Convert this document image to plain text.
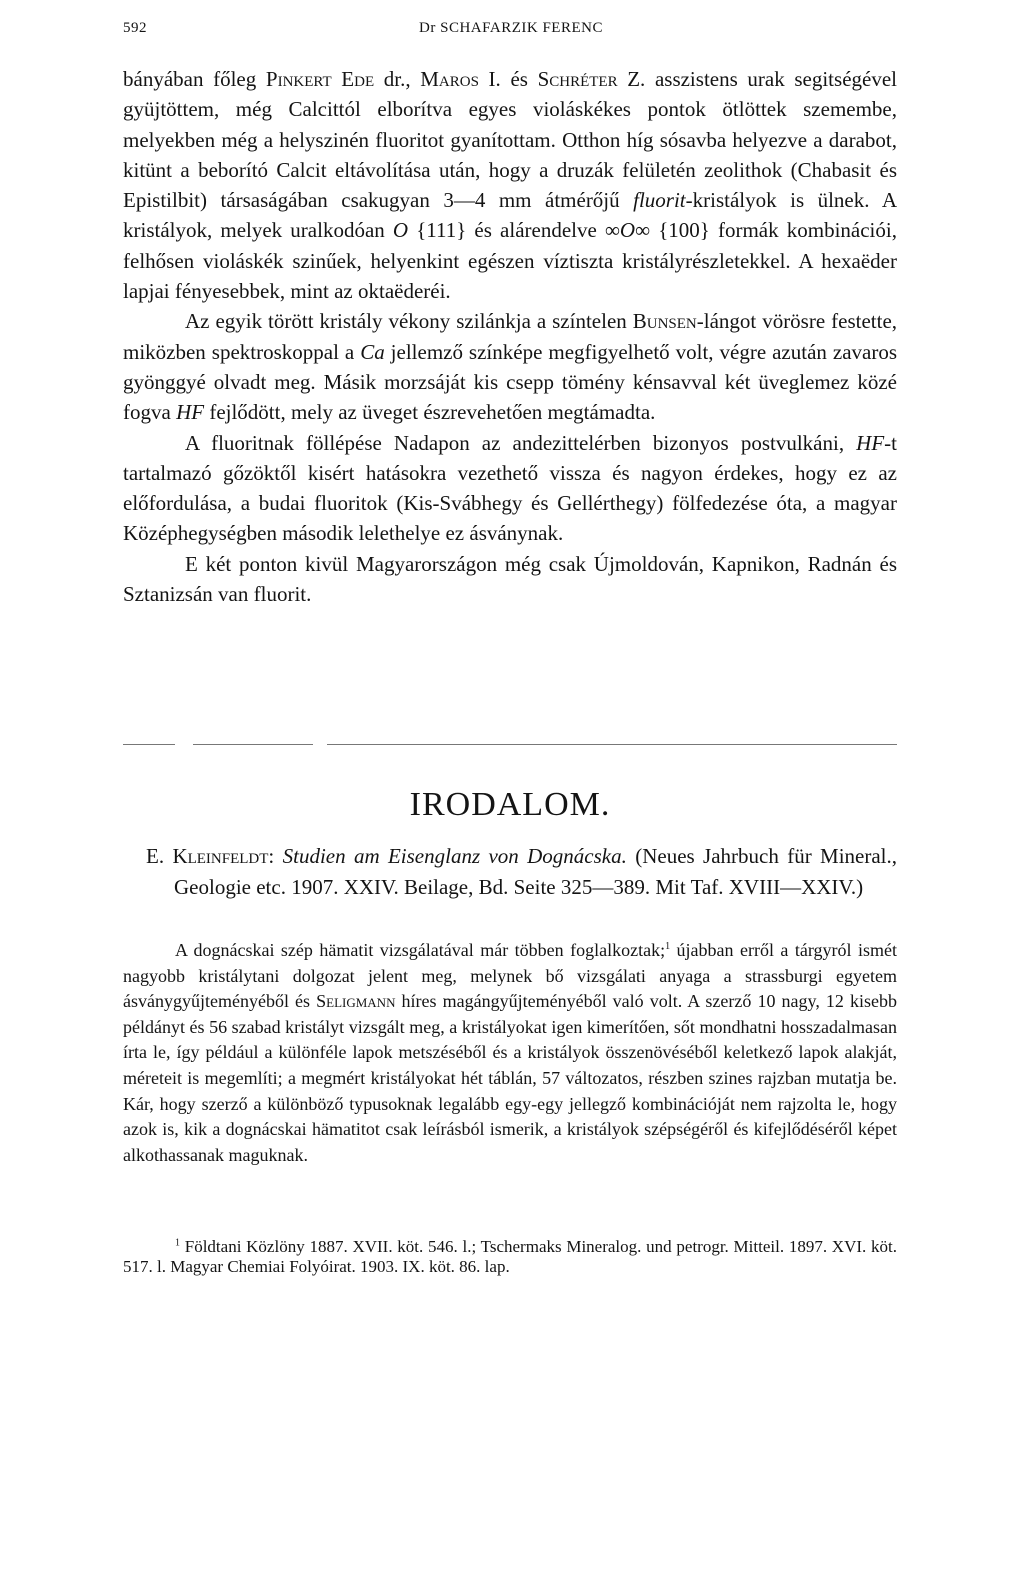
592	Dr SCHAFARZIK FERENC

bányában főleg Pinkert Ede dr., Maros I. és Schréter Z. asszistens urak segitségével gyüjtöttem, még Calcittól elborítva egyes violáskékes pontok ötlöttek szemembe, melyekben még a helyszinén fluoritot gyanítottam. Otthon híg sósavba helyezve a darabot, kitünt a beborító Calcit eltávolítása után, hogy a druzák felületén zeolithok (Chabasit és Epistilbit) társaságában csakugyan 3—4 mm átmérőjű fluorit-kristályok is ülnek. A kristályok, melyek uralkodóan O {111} és alárendelve ∞O∞ {100} formák kombinációi, felhősen violáskék szinűek, helyenkint egészen víztiszta kristályrészletekkel. A hexaëder lapjai fényesebbek, mint az oktaëderéi.

Az egyik törött kristály vékony szilánkja a színtelen Bunsen-lángot vörösre festette, miközben spektroskoppal a Ca jellemző színképe megfigyelhető volt, végre azután zavaros gyönggyé olvadt meg. Másik morzsáját kis csepp tömény kénsavval két üveglemez közé fogva HF fejlődött, mely az üveget észrevehetően megtámadta.

A fluoritnak föllépése Nadapon az andezittelérben bizonyos postvulkáni, HF-t tartalmazó gőzöktől kisért hatásokra vezethető vissza és nagyon érdekes, hogy ez az előfordulása, a budai fluoritok (Kis-Svábhegy és Gellérthegy) fölfedezése óta, a magyar Középhegységben második lelethelye ez ásványnak.

E két ponton kivül Magyarországon még csak Újmoldován, Kapnikon, Radnán és Sztanizsán van fluorit.

IRODALOM.
E. Kleinfeldt: Studien am Eisenglanz von Dognácska. (Neues Jahrbuch für Mineral., Geologie etc. 1907. XXIV. Beilage, Bd. Seite 325—389. Mit Taf. XVIII—XXIV.)

A dognácskai szép hämatit vizsgálatával már többen foglalkoztak;$^1$ újabban erről a tárgyról ismét nagyobb kristálytani dolgozat jelent meg, melynek bő vizsgálati anyaga a strassburgi egyetem ásványgyűjteményéből és Seligmann híres magángyűjteményéből való volt. A szerző 10 nagy, 12 kisebb példányt és 56 szabad kristályt vizsgált meg, a kristályokat igen kimerítően, sőt mondhatni hosszadalmasan írta le, így például a különféle lapok metszéséből és a kristályok összenövéséből keletkező lapok alakját, méreteit is megemlíti; a megmért kristályokat hét táblán, 57 változatos, részben szines rajzban mutatja be. Kár, hogy szerző a különböző typusoknak legalább egy-egy jellegző kombinációját nem rajzolta le, hogy azok is, kik a dognácskai hämatitot csak leírásból ismerik, a kristályok szépségéről és kifejlődéséről képet alkothassanak maguknak.

$^1$ Földtani Közlöny 1887. XVII. köt. 546. l.; Tschermaks Mineralog. und petrogr. Mitteil. 1897. XVI. köt. 517. l. Magyar Chemiai Folyóirat. 1903. IX. köt. 86. lap.
